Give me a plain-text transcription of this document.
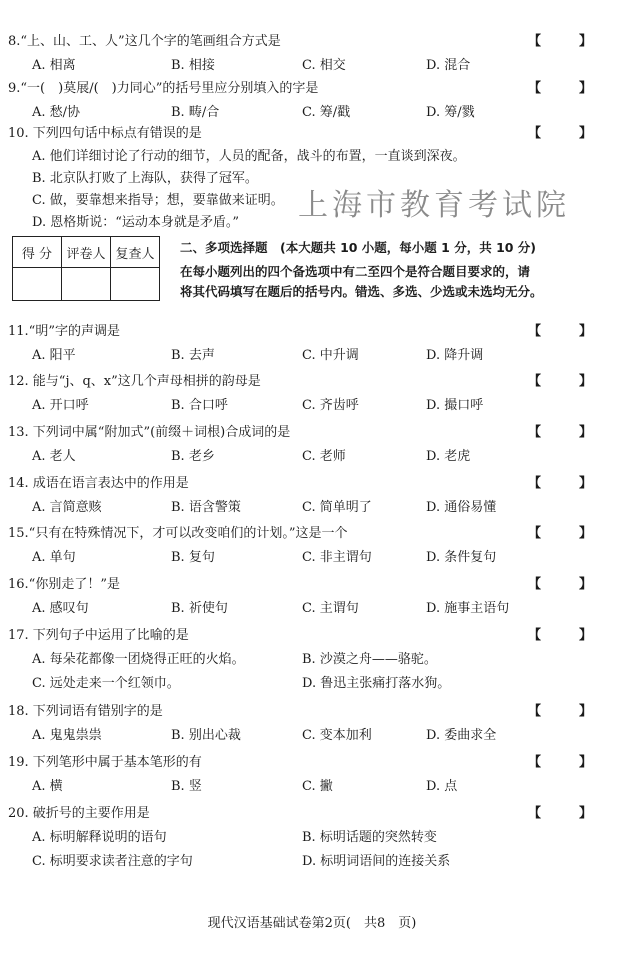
8.“上、山、工、人”这几个字的笔画组合方式是	【	】
A. 相离	B. 相接	C. 相交	D. 混合
9.“一(　)莫展/(　)力同心”的括号里应分别填入的字是	【	】
A. 愁/协	B. 畴/合	C. 筹/戳	D. 筹/戮
10. 下列四句话中标点有错误的是	【	】
A. 他们详细讨论了行动的细节，人员的配备，战斗的布置，一直谈到深夜。
B. 北京队打败了上海队，获得了冠军。
C. 做，要靠想来指导；想，要靠做来证明。
D. 恩格斯说：“运动本身就是矛盾。”	上海市教育考试院
得 分	评卷人	复查人
		二、多项选择题　(本大题共 10 小题，每小题 1 分，共 10 分)
在每小题列出的四个备选项中有二至四个是符合题目要求的，请
将其代码填写在题后的括号内。错选、多选、少选或未选均无分。
11.“明”字的声调是	【	】
A. 阳平	B. 去声	C. 中升调	D. 降升调
12. 能与“j、q、x”这几个声母相拼的韵母是	【	】
A. 开口呼	B. 合口呼	C. 齐齿呼	D. 撮口呼
13. 下列词中属“附加式”(前缀＋词根)合成词的是	【	】
A. 老人	B. 老乡	C. 老师	D. 老虎
14. 成语在语言表达中的作用是	【	】
A. 言简意赅	B. 语含警策	C. 简单明了	D. 通俗易懂
15.“只有在特殊情况下，才可以改变咱们的计划。”这是一个	【	】
A. 单句	B. 复句	C. 非主谓句	D. 条件复句
16.“你别走了！”是	【	】
A. 感叹句	B. 祈使句	C. 主谓句	D. 施事主语句
17. 下列句子中运用了比喻的是	【	】
A. 每朵花都像一团烧得正旺的火焰。	B. 沙漠之舟——骆驼。
C. 远处走来一个红领巾。	D. 鲁迅主张痛打落水狗。
18. 下列词语有错别字的是	【	】
A. 鬼鬼祟祟	B. 别出心裁	C. 变本加利	D. 委曲求全
19. 下列笔形中属于基本笔形的有	【	】
A. 横	B. 竖	C. 撇	D. 点
20. 破折号的主要作用是	【	】
A. 标明解释说明的语句	B. 标明话题的突然转变
C. 标明要求读者注意的字句	D. 标明词语间的连接关系
现代汉语基础试卷第2页(　共8　页)
